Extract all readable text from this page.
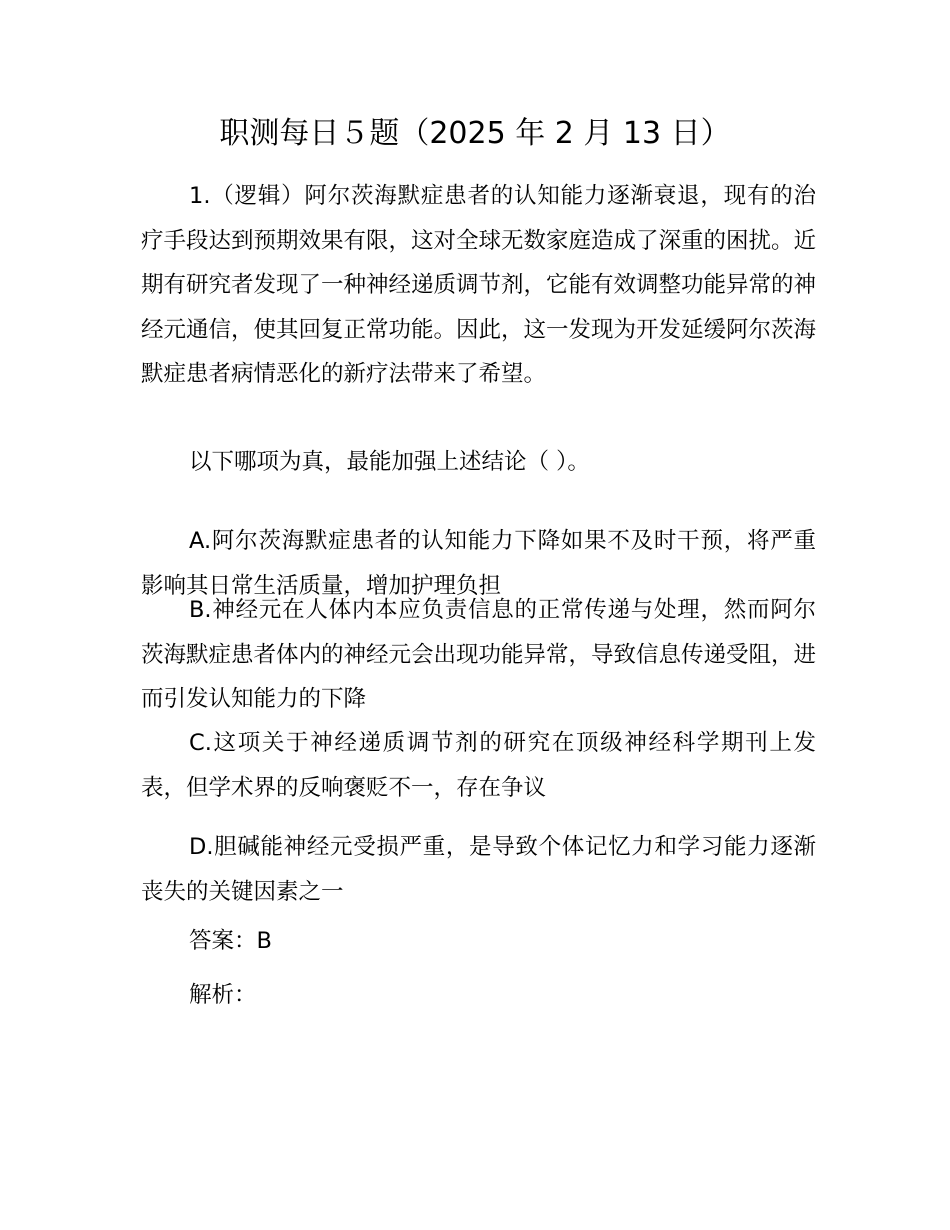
职测每日５题（2025 年 2 月 13 日）

1.（逻辑）阿尔茨海默症患者的认知能力逐渐衰退，现有的治疗手段达到预期效果有限，这对全球无数家庭造成了深重的困扰。近期有研究者发现了一种神经递质调节剂，它能有效调整功能异常的神经元通信，使其回复正常功能。因此，这一发现为开发延缓阿尔茨海默症患者病情恶化的新疗法带来了希望。

以下哪项为真，最能加强上述结论（ ）。

A.阿尔茨海默症患者的认知能力下降如果不及时干预，将严重影响其日常生活质量，增加护理负担

B.神经元在人体内本应负责信息的正常传递与处理，然而阿尔茨海默症患者体内的神经元会出现功能异常，导致信息传递受阻，进而引发认知能力的下降

C.这项关于神经递质调节剂的研究在顶级神经科学期刊上发表，但学术界的反响褒贬不一，存在争议

D.胆碱能神经元受损严重，是导致个体记忆力和学习能力逐渐丧失的关键因素之一

答案：B

解析：
